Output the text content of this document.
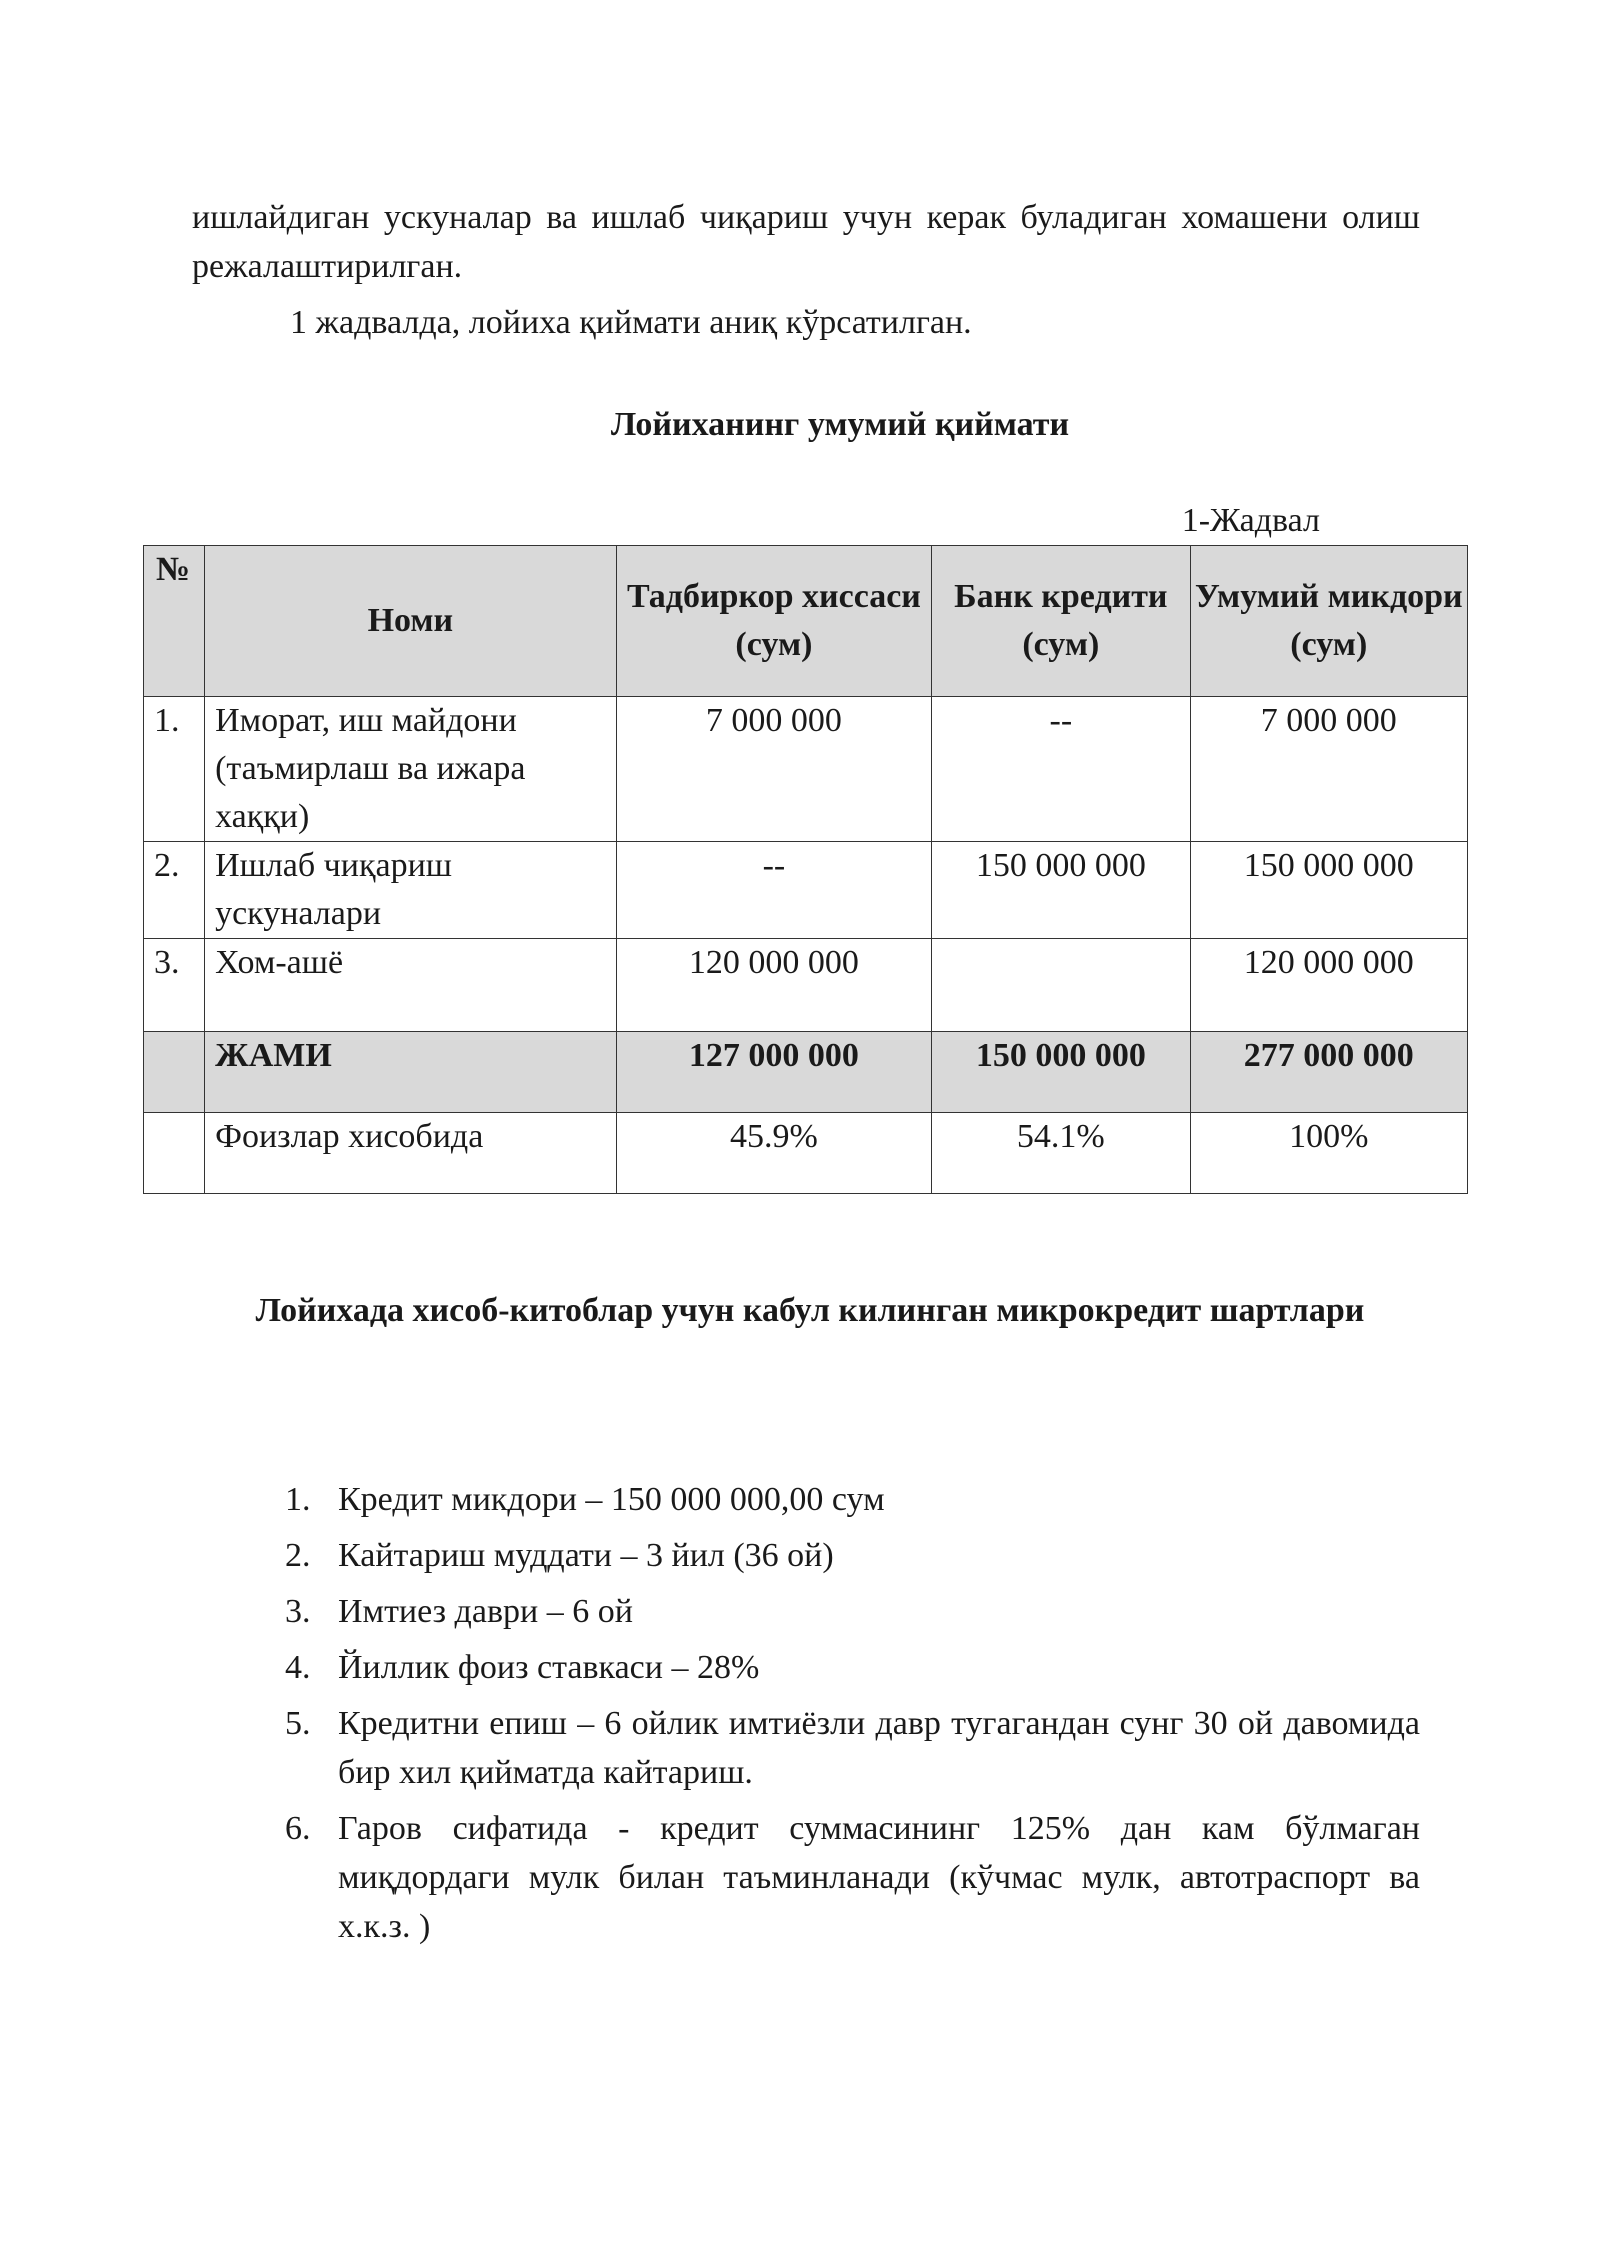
ишлайдиган ускуналар ва ишлаб чиқариш учун керак буладиган хомашени олиш режалаштирилган.

1 жадвалда, лойиха қиймати аниқ кўрсатилган.

Лойиханинг умумий қиймати

1-Жадвал

№	Номи	Тадбиркор хиссаси (сум)	Банк кредити (сум)	Умумий микдори (сум)
1.	Иморат, иш майдони (таъмирлаш ва ижара хаққи)	7 000 000	--	7 000 000
2.	Ишлаб чиқариш ускуналари	--	150 000 000	150 000 000
3.	Хом-ашё	120 000 000		120 000 000
	ЖАМИ	127 000 000	150 000 000	277 000 000
	Фоизлар хисобида	45.9%	54.1%	100%
Лойихада хисоб-китоблар учун кабул килинган микрокредит шартлари
1. Кредит микдори – 150 000 000,00 сум
2. Кайтариш муддати – 3 йил (36 ой)
3. Имтиез даври – 6 ой
4. Йиллик фоиз ставкаси – 28%
5. Кредитни епиш – 6 ойлик имтиёзли давр тугагандан сунг 30 ой давомида бир хил қийматда кайтариш.
6. Гаров сифатида - кредит суммасининг 125% дан кам бўлмаган миқдордаги мулк билан таъминланади (кўчмас мулк, автотраспорт ва х.к.з. )
